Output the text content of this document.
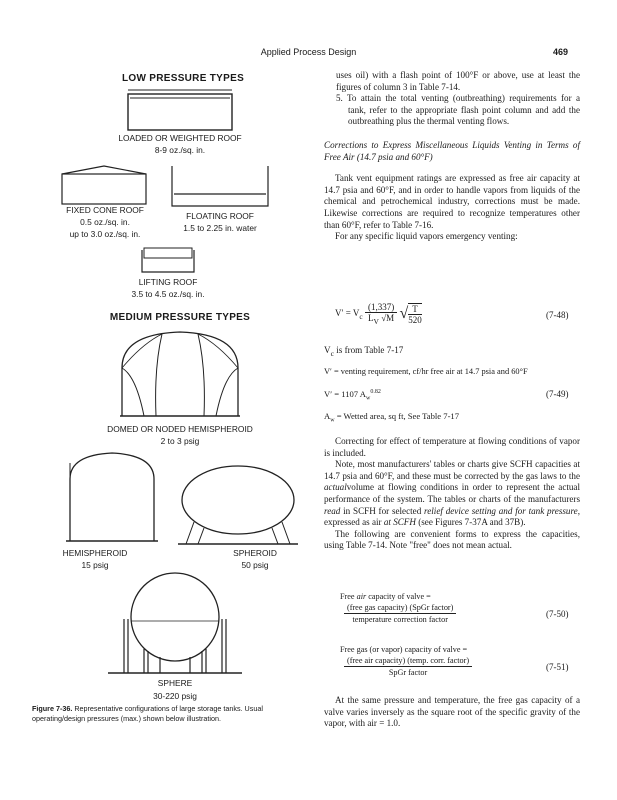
Applied Process Design	469
LOW PRESSURE TYPES
LOADED OR WEIGHTED ROOF
8-9 oz./sq. in.
FIXED CONE ROOF
0.5 oz./sq. in.
up to 3.0 oz./sq. in.
FLOATING ROOF
1.5 to 2.25 in. water
LIFTING ROOF
3.5 to 4.5 oz./sq. in.
MEDIUM PRESSURE TYPES
DOMED OR NODED HEMISPHEROID
2 to 3 psig
HEMISPHEROID
15 psig
SPHEROID
50 psig
SPHERE
30-220 psig
Figure 7-36. Representative configurations of large storage tanks. Usual operating/design pressures (max.) shown below illustration.

uses oil) with a flash point of 100°F or above, use at least the figures of column 3 in Table 7-14.

5. To attain the total venting (outbreathing) requirements for a tank, refer to the appropriate flash point column and add the outbreathing plus the thermal venting flows.

Corrections to Express Miscellaneous Liquids Venting in Terms of Free Air (14.7 psia and 60°F)

Tank vent equipment ratings are expressed as free air capacity at 14.7 psia and 60°F, and in order to handle vapors from liquids of the chemical and petrochemical industry, corrections must be made. Likewise corrections are required to recognize temperatures other than 60°F, refer to Table 7-16.

For any specific liquid vapors emergency venting:

$V' = V_c \frac{(1,337)}{L_V √M}$ √ $\frac{T}{520}$	(7-48)
$V_c$ is from Table 7-17
V′ = venting requirement, cf/hr free air at 14.7 psia and 60°F
V′ = 1107 $A_w^{0.82}$	(7-49)
$A_w$ = Wetted area, sq ft, See Table 7-17

Correcting for effect of temperature at flowing conditions of vapor is included.

Note, most manufacturers' tables or charts give SCFH capacities at 14.7 psia and 60°F, and these must be corrected by the gas laws to the actualvolume at flowing conditions in order to represent the actual performance of the system. The tables or charts of the manufacturers read in SCFH for selected relief device setting and for tank pressure, expressed as air at SCFH (see Figures 7-37A and 37B).

The following are convenient forms to express the capacities, using Table 7-14. Note "free" does not mean actual.

Free air capacity of valve =
$\frac{\text{(free gas capacity) (SpGr factor)}}{\text{temperature correction factor}}$	(7-50)
Free gas (or vapor) capacity of valve =
$\frac{\text{(free air capacity) (temp. corr. factor)}}{\text{SpGr factor}}$	(7-51)

At the same pressure and temperature, the free gas capacity of a valve varies inversely as the square root of the specific gravity of the vapor, with air = 1.0.
